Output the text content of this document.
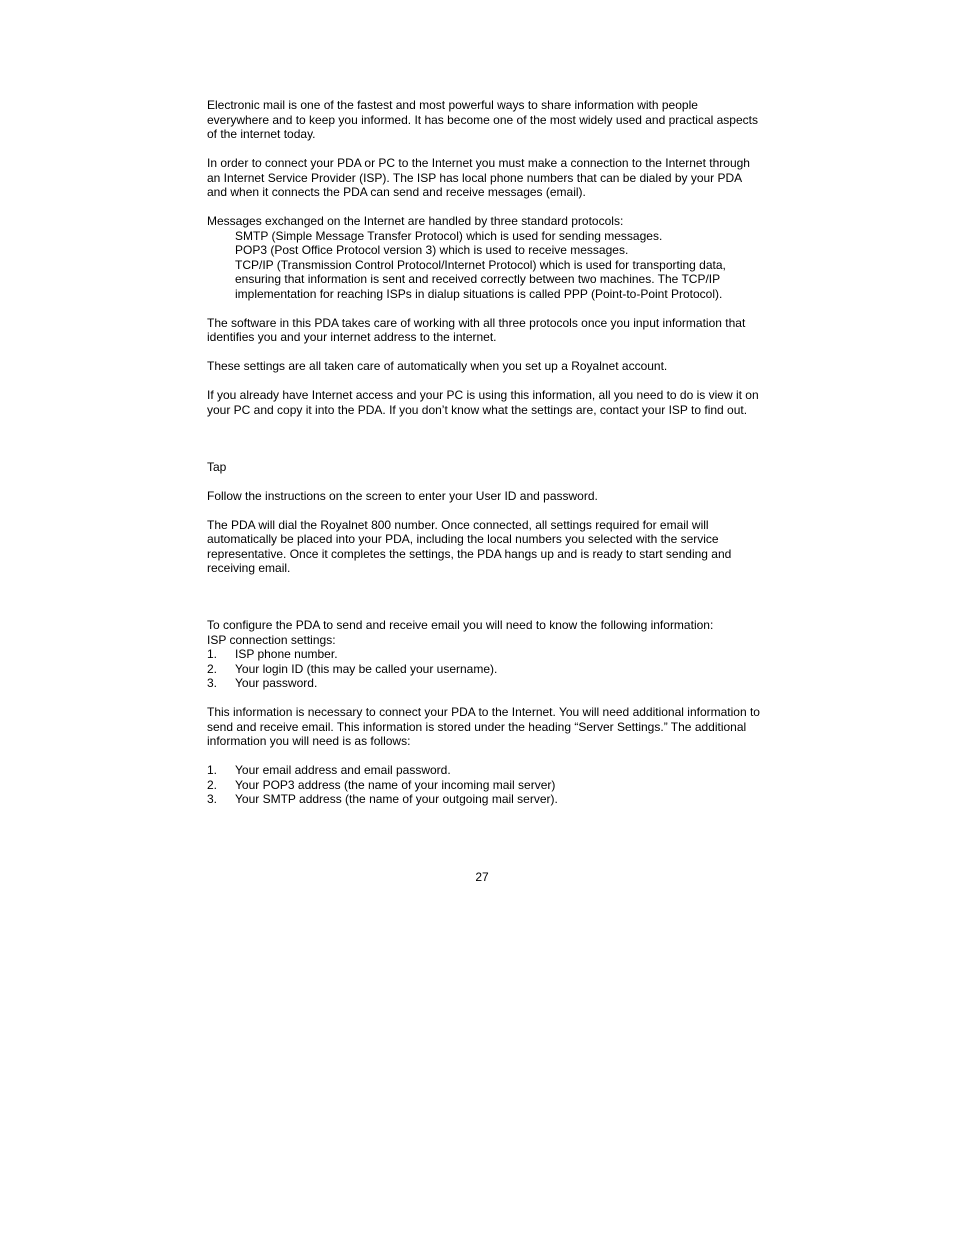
Electronic mail is one of the fastest and most powerful ways to share information with people everywhere and to keep you informed. It has become one of the most widely used and practical aspects of the internet today.

In order to connect your PDA or PC to the Internet you must make a connection to the Internet through an Internet Service Provider (ISP). The ISP has local phone numbers that can be dialed by your PDA and when it connects the PDA can send and receive messages (email).

Messages exchanged on the Internet are handled by three standard protocols:
SMTP (Simple Message Transfer Protocol) which is used for sending messages.
POP3 (Post Office Protocol version 3) which is used to receive messages.
TCP/IP (Transmission Control Protocol/Internet Protocol) which is used for transporting data, ensuring that information is sent and received correctly between two machines. The TCP/IP implementation for reaching ISPs in dialup situations is called PPP (Point-to-Point Protocol).

The software in this PDA takes care of working with all three protocols once you input information that identifies you and your internet address to the internet.

These settings are all taken care of automatically when you set up a Royalnet account.

If you already have Internet access and your PC is using this information, all you need to do is view it on your PC and copy it into the PDA. If you don’t know what the settings are, contact your ISP to find out.

Tap

Follow the instructions on the screen to enter your User ID and password.

The PDA will dial the Royalnet 800 number. Once connected, all settings required for email will automatically be placed into your PDA, including the local numbers you selected with the service representative. Once it completes the settings, the PDA hangs up and is ready to start sending and receiving email.

To configure the PDA to send and receive email you will need to know the following information:
ISP connection settings:
1.	ISP phone number.
2.	Your login ID (this may be called your username).
3.	Your password.

This information is necessary to connect your PDA to the Internet. You will need additional information to send and receive email. This information is stored under the heading “Server Settings.” The additional information you will need is as follows:

1.	Your email address and email password.
2.	Your POP3 address (the name of your incoming mail server)
3.	Your SMTP address (the name of your outgoing mail server).
27
